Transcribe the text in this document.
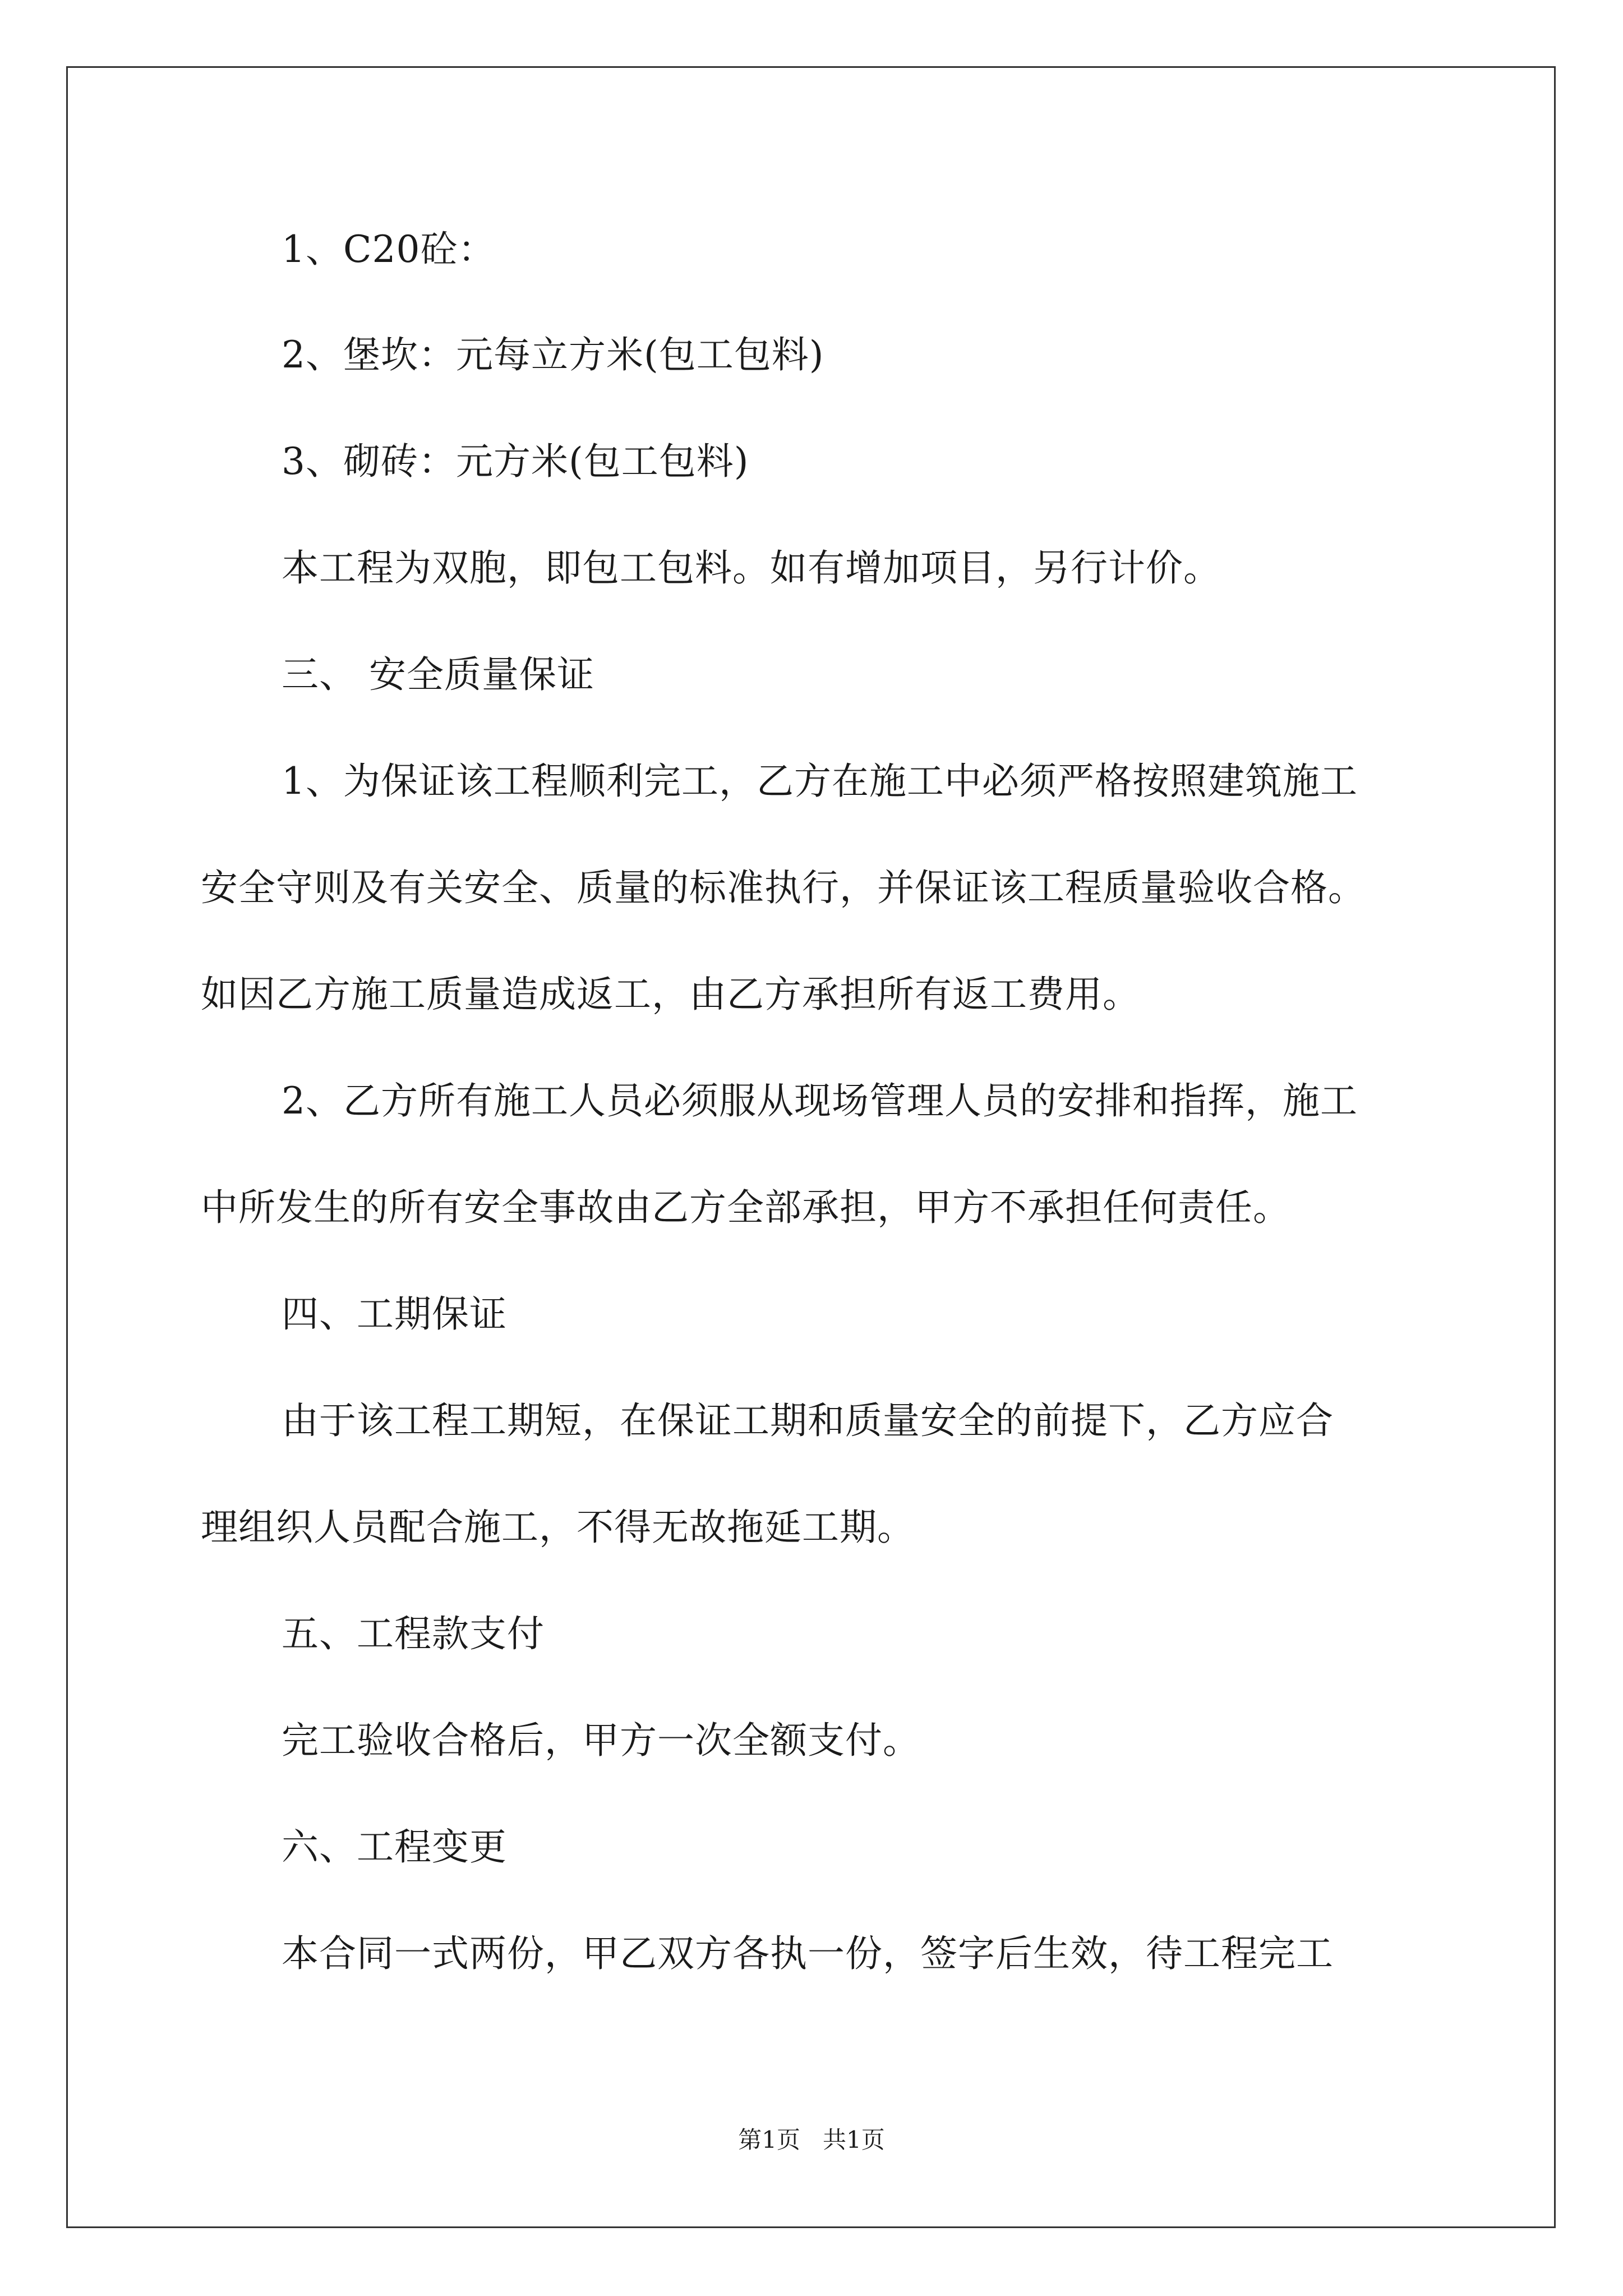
1、C20砼：
2、堡坎：元每立方米(包工包料)
3、砌砖：元方米(包工包料)
本工程为双胞，即包工包料。如有增加项目，另行计价。
三、 安全质量保证
1、为保证该工程顺利完工，乙方在施工中必须严格按照建筑施工
安全守则及有关安全、质量的标准执行，并保证该工程质量验收合格。
如因乙方施工质量造成返工，由乙方承担所有返工费用。
2、乙方所有施工人员必须服从现场管理人员的安排和指挥，施工
中所发生的所有安全事故由乙方全部承担，甲方不承担任何责任。
四、工期保证
由于该工程工期短，在保证工期和质量安全的前提下，乙方应合
理组织人员配合施工，不得无故拖延工期。
五、工程款支付
完工验收合格后，甲方一次全额支付。
六、工程变更
本合同一式两份，甲乙双方各执一份，签字后生效，待工程完工
第1页   共1页
